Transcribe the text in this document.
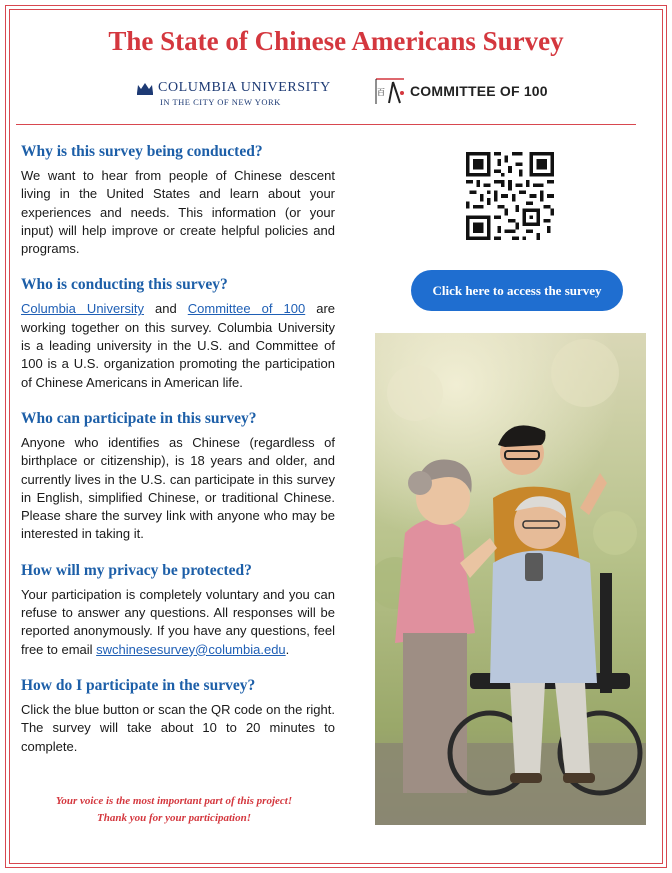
The State of Chinese Americans Survey
COLUMBIA UNIVERSITY
IN THE CITY OF NEW YORK
百 COMMITTEE OF 100
Why is this survey being conducted?

We want to hear from people of Chinese descent living in the United States and learn about your experiences and needs. This information (or your input) will help improve or create helpful policies and programs.

Who is conducting this survey?

Columbia University and Committee of 100 are working together on this survey. Columbia University is a leading university in the U.S. and Committee of 100 is a U.S. organization promoting the participation of Chinese Americans in American life.

Who can participate in this survey?

Anyone who identifies as Chinese (regardless of birthplace or citizenship), is 18 years and older, and currently lives in the U.S. can participate in this survey in English, simplified Chinese, or traditional Chinese. Please share the survey link with anyone who may be interested in taking it.

How will my privacy be protected?

Your participation is completely voluntary and you can refuse to answer any questions. All responses will be reported anonymously. If you have any questions, feel free to email swchinesesurvey@columbia.edu.

How do I participate in the survey?

Click the blue button or scan the QR code on the right. The survey will take about 10 to 20 minutes to complete.

Your voice is the most important part of this project!
Thank you for your participation!
Click here to access the survey
